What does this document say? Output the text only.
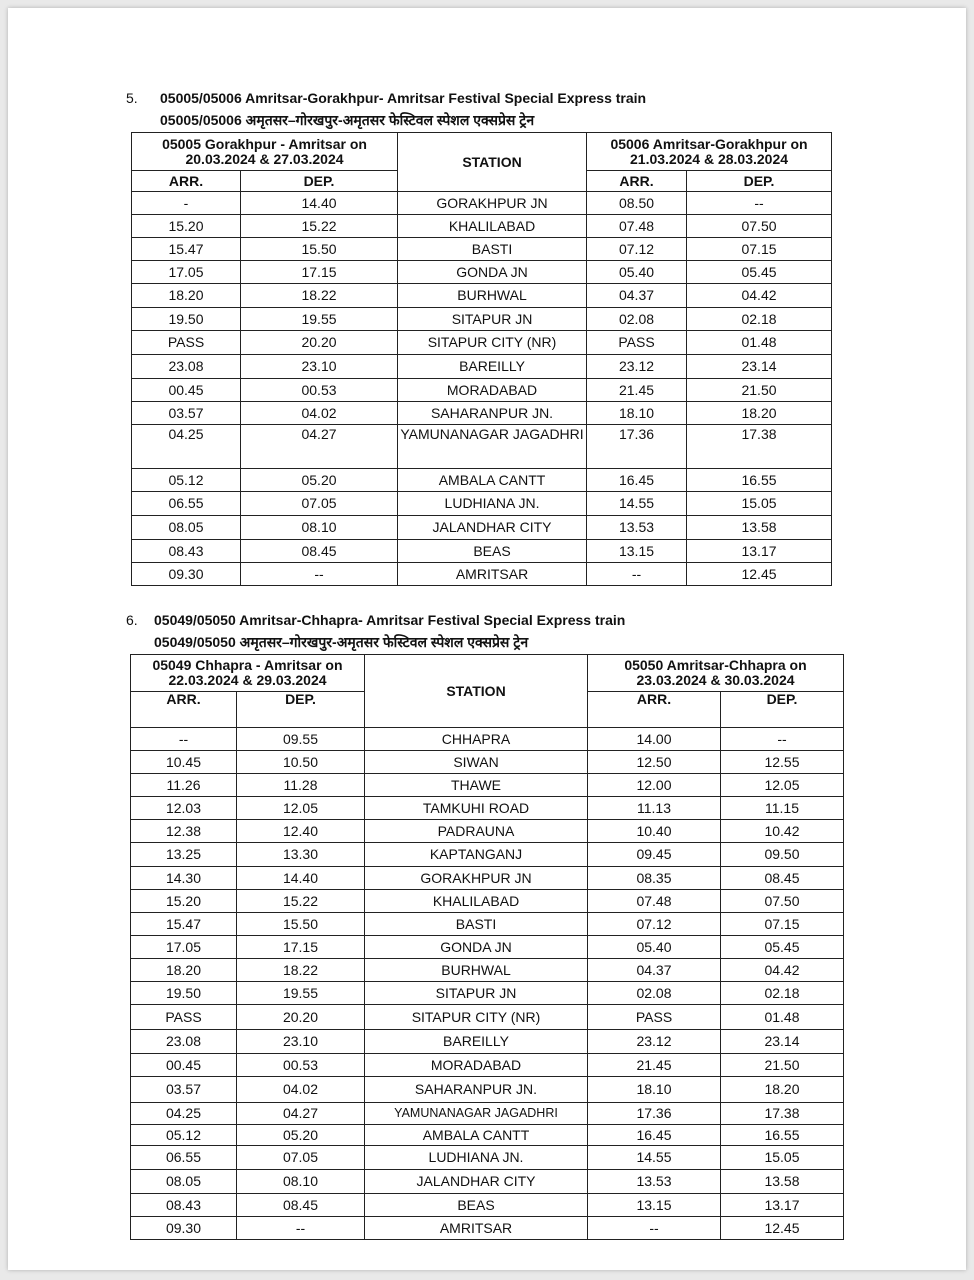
5. 05005/05006 Amritsar-Gorakhpur- Amritsar Festival Special Express train
05005/05006 अमृतसर–गोरखपुर-अमृतसर फेस्टिवल स्पेशल एक्सप्रेस ट्रेन
05005 Gorakhpur - Amritsar on 20.03.2024 & 27.03.2024		STATION	05006 Amritsar-Gorakhpur on 21.03.2024 & 28.03.2024	
ARR.	DEP.		ARR.	DEP.
-	14.40	GORAKHPUR JN	08.50	--
15.20	15.22	KHALILABAD	07.48	07.50
15.47	15.50	BASTI	07.12	07.15
17.05	17.15	GONDA JN	05.40	05.45
18.20	18.22	BURHWAL	04.37	04.42
19.50	19.55	SITAPUR JN	02.08	02.18
PASS	20.20	SITAPUR CITY (NR)	PASS	01.48
23.08	23.10	BAREILLY	23.12	23.14
00.45	00.53	MORADABAD	21.45	21.50
03.57	04.02	SAHARANPUR JN.	18.10	18.20
04.25	04.27	YAMUNANAGAR JAGADHRI	17.36	17.38
05.12	05.20	AMBALA CANTT	16.45	16.55
06.55	07.05	LUDHIANA JN.	14.55	15.05
08.05	08.10	JALANDHAR CITY	13.53	13.58
08.43	08.45	BEAS	13.15	13.17
09.30	--	AMRITSAR	--	12.45
6. 05049/05050 Amritsar-Chhapra- Amritsar Festival Special Express train
05049/05050 अमृतसर–गोरखपुर-अमृतसर फेस्टिवल स्पेशल एक्सप्रेस ट्रेन
05049 Chhapra - Amritsar on 22.03.2024 & 29.03.2024		STATION	05050 Amritsar-Chhapra on 23.03.2024 & 30.03.2024	
ARR.	DEP.		ARR.	DEP.
--	09.55	CHHAPRA	14.00	--
10.45	10.50	SIWAN	12.50	12.55
11.26	11.28	THAWE	12.00	12.05
12.03	12.05	TAMKUHI ROAD	11.13	11.15
12.38	12.40	PADRAUNA	10.40	10.42
13.25	13.30	KAPTANGANJ	09.45	09.50
14.30	14.40	GORAKHPUR JN	08.35	08.45
15.20	15.22	KHALILABAD	07.48	07.50
15.47	15.50	BASTI	07.12	07.15
17.05	17.15	GONDA JN	05.40	05.45
18.20	18.22	BURHWAL	04.37	04.42
19.50	19.55	SITAPUR JN	02.08	02.18
PASS	20.20	SITAPUR CITY (NR)	PASS	01.48
23.08	23.10	BAREILLY	23.12	23.14
00.45	00.53	MORADABAD	21.45	21.50
03.57	04.02	SAHARANPUR JN.	18.10	18.20
04.25	04.27	YAMUNANAGAR JAGADHRI	17.36	17.38
05.12	05.20	AMBALA CANTT	16.45	16.55
06.55	07.05	LUDHIANA JN.	14.55	15.05
08.05	08.10	JALANDHAR CITY	13.53	13.58
08.43	08.45	BEAS	13.15	13.17
09.30	--	AMRITSAR	--	12.45
